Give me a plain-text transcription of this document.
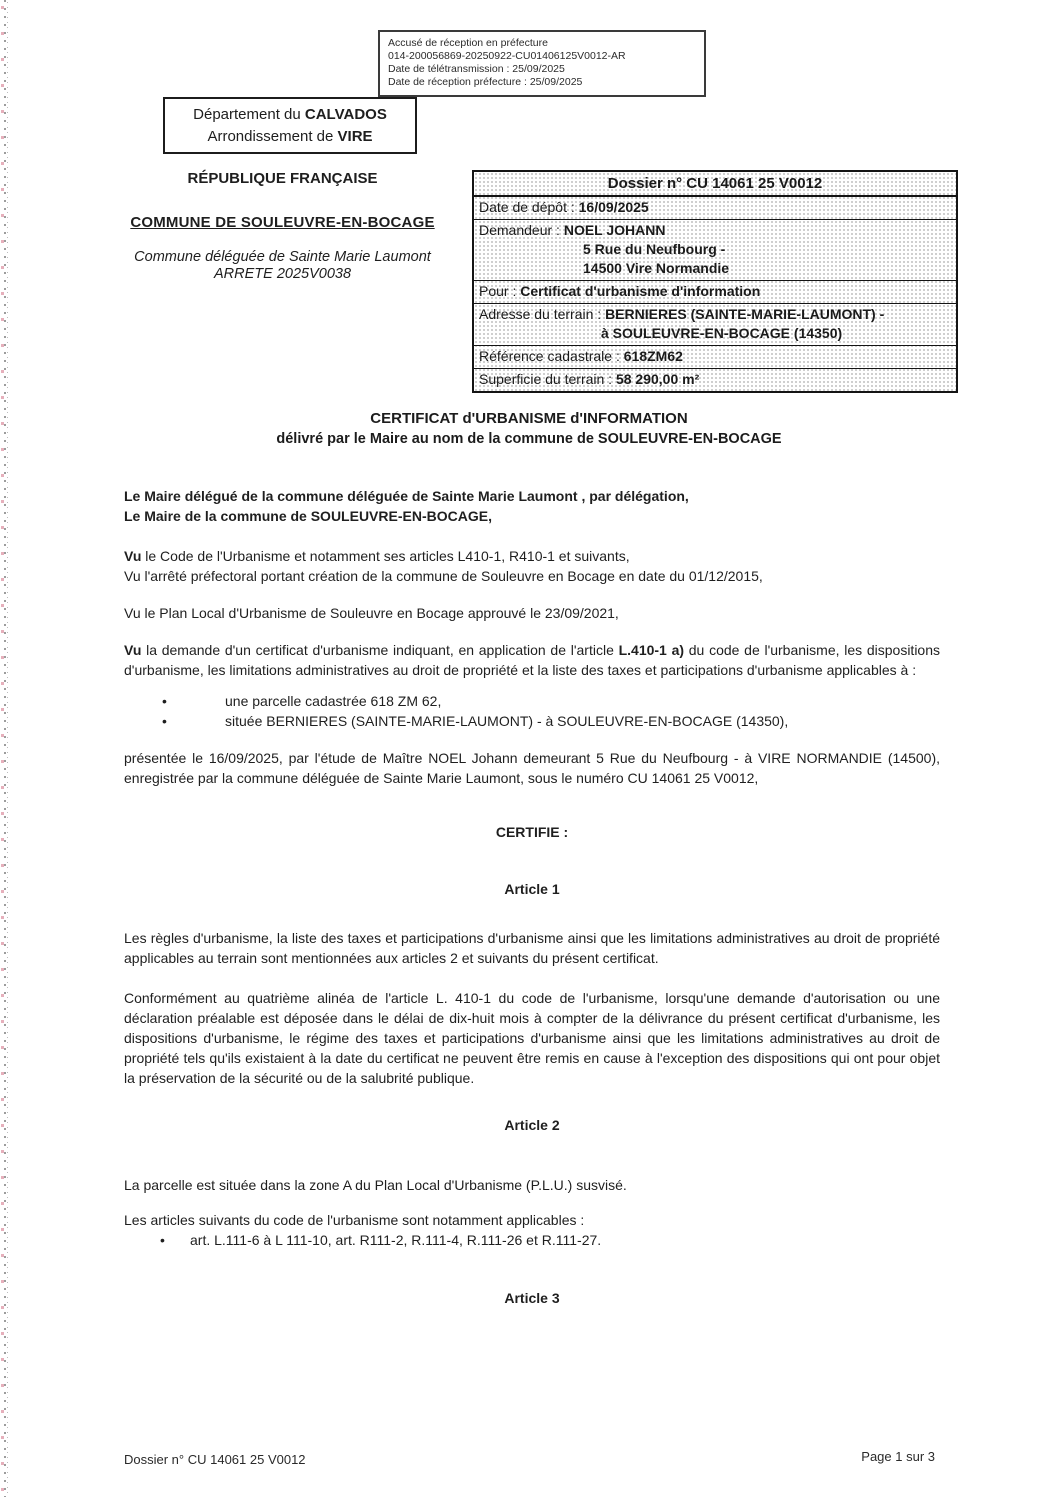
Accusé de réception en préfecture
014-200056869-20250922-CU01406125V0012-AR
Date de télétransmission : 25/09/2025
Date de réception préfecture : 25/09/2025
Département du CALVADOS
Arrondissement de VIRE
RÉPUBLIQUE FRANÇAISE
COMMUNE DE SOULEUVRE-EN-BOCAGE
Commune déléguée de Sainte Marie Laumont
ARRETE 2025V0038
Dossier n° CU 14061 25 V0012
Date de dépôt : 16/09/2025
Demandeur : NOEL JOHANN
5 Rue du Neufbourg -
14500 Vire Normandie
Pour : Certificat d'urbanisme d'information
Adresse du terrain : BERNIERES (SAINTE-MARIE-LAUMONT) -
à SOULEUVRE-EN-BOCAGE (14350)
Référence cadastrale : 618ZM62
Superficie du terrain : 58 290,00 m²
CERTIFICAT d'URBANISME d'INFORMATION
délivré par le Maire au nom de la commune de SOULEUVRE-EN-BOCAGE

Le Maire délégué de la commune déléguée de Sainte Marie Laumont , par délégation,
Le Maire de la commune de SOULEUVRE-EN-BOCAGE,

Vu le Code de l'Urbanisme et notamment ses articles L410-1, R410-1 et suivants,
Vu l'arrêté préfectoral portant création de la commune de Souleuvre en Bocage en date du 01/12/2015,

Vu le Plan Local d'Urbanisme de Souleuvre en Bocage approuvé le 23/09/2021,

Vu la demande d'un certificat d'urbanisme indiquant, en application de l'article L.410-1 a) du code de l'urbanisme, les dispositions d'urbanisme, les limitations administratives au droit de propriété et la liste des taxes et participations d'urbanisme applicables à :

•	une parcelle cadastrée 618 ZM 62,
•	située BERNIERES (SAINTE-MARIE-LAUMONT) - à SOULEUVRE-EN-BOCAGE (14350),

présentée le 16/09/2025, par l'étude de Maître NOEL Johann demeurant 5 Rue du Neufbourg - à VIRE NORMANDIE (14500), enregistrée par la commune déléguée de Sainte Marie Laumont, sous le numéro CU 14061 25 V0012,

CERTIFIE :

Article 1

Les règles d'urbanisme, la liste des taxes et participations d'urbanisme ainsi que les limitations administratives au droit de propriété applicables au terrain sont mentionnées aux articles 2 et suivants du présent certificat.

Conformément au quatrième alinéa de l'article L. 410-1 du code de l'urbanisme, lorsqu'une demande d'autorisation ou une déclaration préalable est déposée dans le délai de dix-huit mois à compter de la délivrance du présent certificat d'urbanisme, les dispositions d'urbanisme, le régime des taxes et participations d'urbanisme ainsi que les limitations administratives au droit de propriété tels qu'ils existaient à la date du certificat ne peuvent être remis en cause à l'exception des dispositions qui ont pour objet la préservation de la sécurité ou de la salubrité publique.

Article 2

La parcelle est située dans la zone A du Plan Local d'Urbanisme (P.L.U.) susvisé.

Les articles suivants du code de l'urbanisme sont notamment applicables :

• art. L.111-6 à L 111-10, art. R111-2, R.111-4, R.111-26 et R.111-27.

Article 3

Dossier n° CU 14061 25 V0012	Page 1 sur 3
